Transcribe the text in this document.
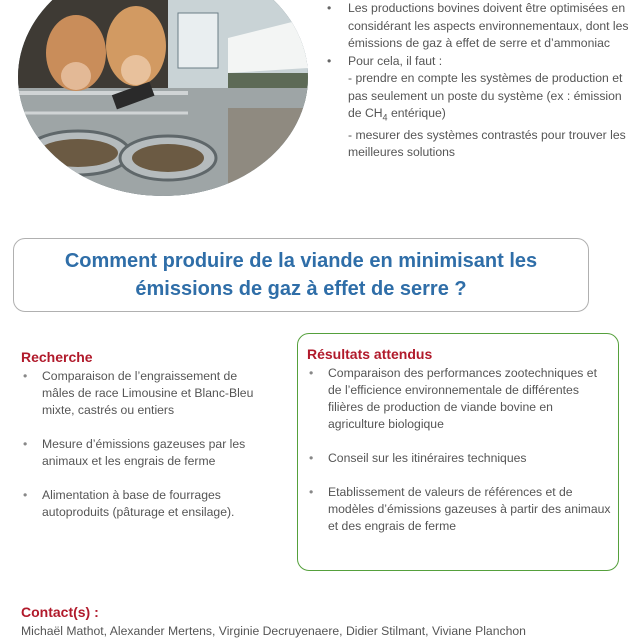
• Les productions bovines doivent être optimisées en considérant les aspects environnementaux, dont les émissions de gaz à effet de serre et d’ammoniac
• Pour cela, il faut :
- prendre en compte les systèmes de production et pas seulement un poste du système (ex : émission de $CH_4$ entérique)
- mesurer des systèmes contrastés pour trouver les meilleures solutions
Comment produire de la viande en minimisant les émissions de gaz à effet de serre ?
Recherche
• Comparaison de l’engraissement de mâles de race Limousine et Blanc-Bleu mixte, castrés ou entiers
• Mesure d’émissions gazeuses par les animaux et les engrais de ferme
• Alimentation à base de fourrages autoproduits (pâturage et ensilage).
Résultats attendus
• Comparaison des performances zootechniques et de l’efficience environnementale de différentes filières de production de viande bovine en agriculture biologique
• Conseil sur les itinéraires techniques
• Etablissement de valeurs de références et de modèles d’émissions gazeuses à partir des animaux et des engrais de ferme
Contact(s) :
Michaël Mathot, Alexander Mertens, Virginie Decruyenaere, Didier Stilmant, Viviane Planchon
